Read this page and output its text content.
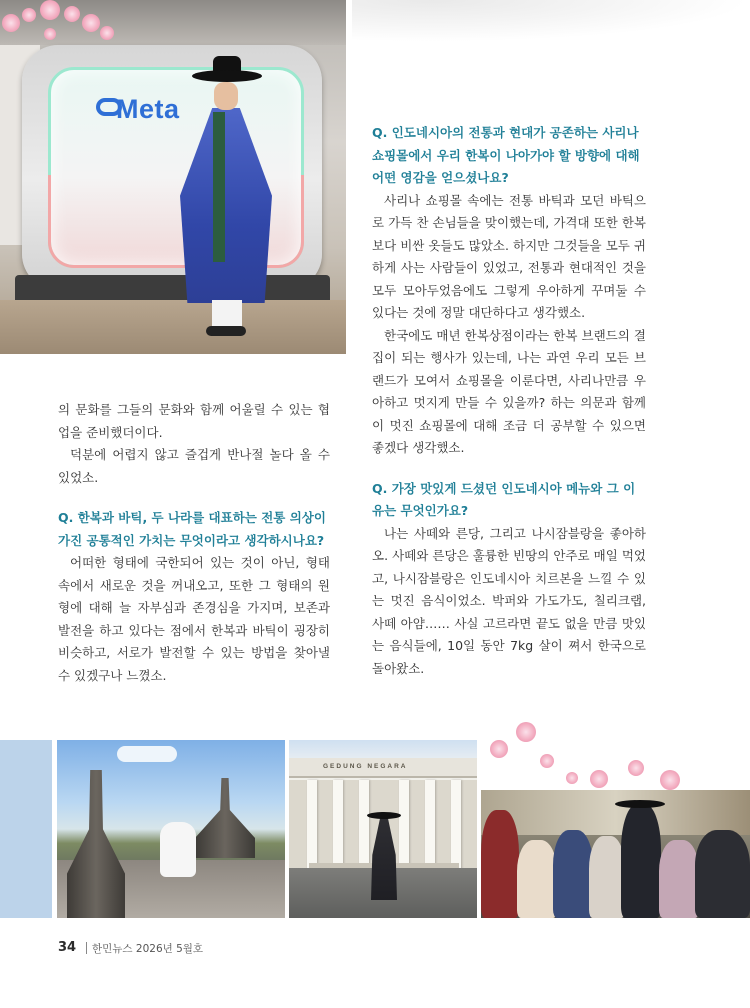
Meta

Q. 인도네시아의 전통과 현대가 공존하는 사리나 쇼핑몰에서 우리 한복이 나아가야 할 방향에 대해 어떤 영감을 얻으셨나요?

사리나 쇼핑몰 속에는 전통 바틱과 모던 바틱으로 가득 찬 손님들을 맞이했는데, 가격대 또한 한복보다 비싼 옷들도 많았소. 하지만 그것들을 모두 귀하게 사는 사람들이 있었고, 전통과 현대적인 것을 모두 모아두었음에도 그렇게 우아하게 꾸며둘 수 있다는 것에 정말 대단하다고 생각했소.

한국에도 매년 한복상점이라는 한복 브랜드의 결집이 되는 행사가 있는데, 나는 과연 우리 모든 브랜드가 모여서 쇼핑몰을 이룬다면, 사리나만큼 우아하고 멋지게 만들 수 있을까? 하는 의문과 함께 이 멋진 쇼핑몰에 대해 조금 더 공부할 수 있으면 좋겠다 생각했소.

Q. 가장 맛있게 드셨던 인도네시아 메뉴와 그 이유는 무엇인가요?

나는 사떼와 른당, 그리고 나시잠블랑을 좋아하오. 사떼와 른당은 훌륭한 빈땅의 안주로 매일 먹었고, 나시잠블랑은 인도네시아 치르본을 느낄 수 있는 멋진 음식이었소. 박퍼와 가도가도, 칠리크랩, 사떼 아얌…… 사실 고르라면 끝도 없을 만큼 맛있는 음식들에, 10일 동안 7kg 살이 쪄서 한국으로 돌아왔소.

의 문화를 그들의 문화와 함께 어울릴 수 있는 협업을 준비했더이다.

덕분에 어렵지 않고 즐겁게 반나절 놀다 올 수 있었소.

Q. 한복과 바틱, 두 나라를 대표하는 전통 의상이 가진 공통적인 가치는 무엇이라고 생각하시나요?

어떠한 형태에 국한되어 있는 것이 아닌, 형태 속에서 새로운 것을 꺼내오고, 또한 그 형태의 원형에 대해 늘 자부심과 존경심을 가지며, 보존과 발전을 하고 있다는 점에서 한복과 바틱이 굉장히 비슷하고, 서로가 발전할 수 있는 방법을 찾아낼 수 있겠구나 느꼈소.

GEDUNG NEGARA
34 한민뉴스 2026년 5월호
